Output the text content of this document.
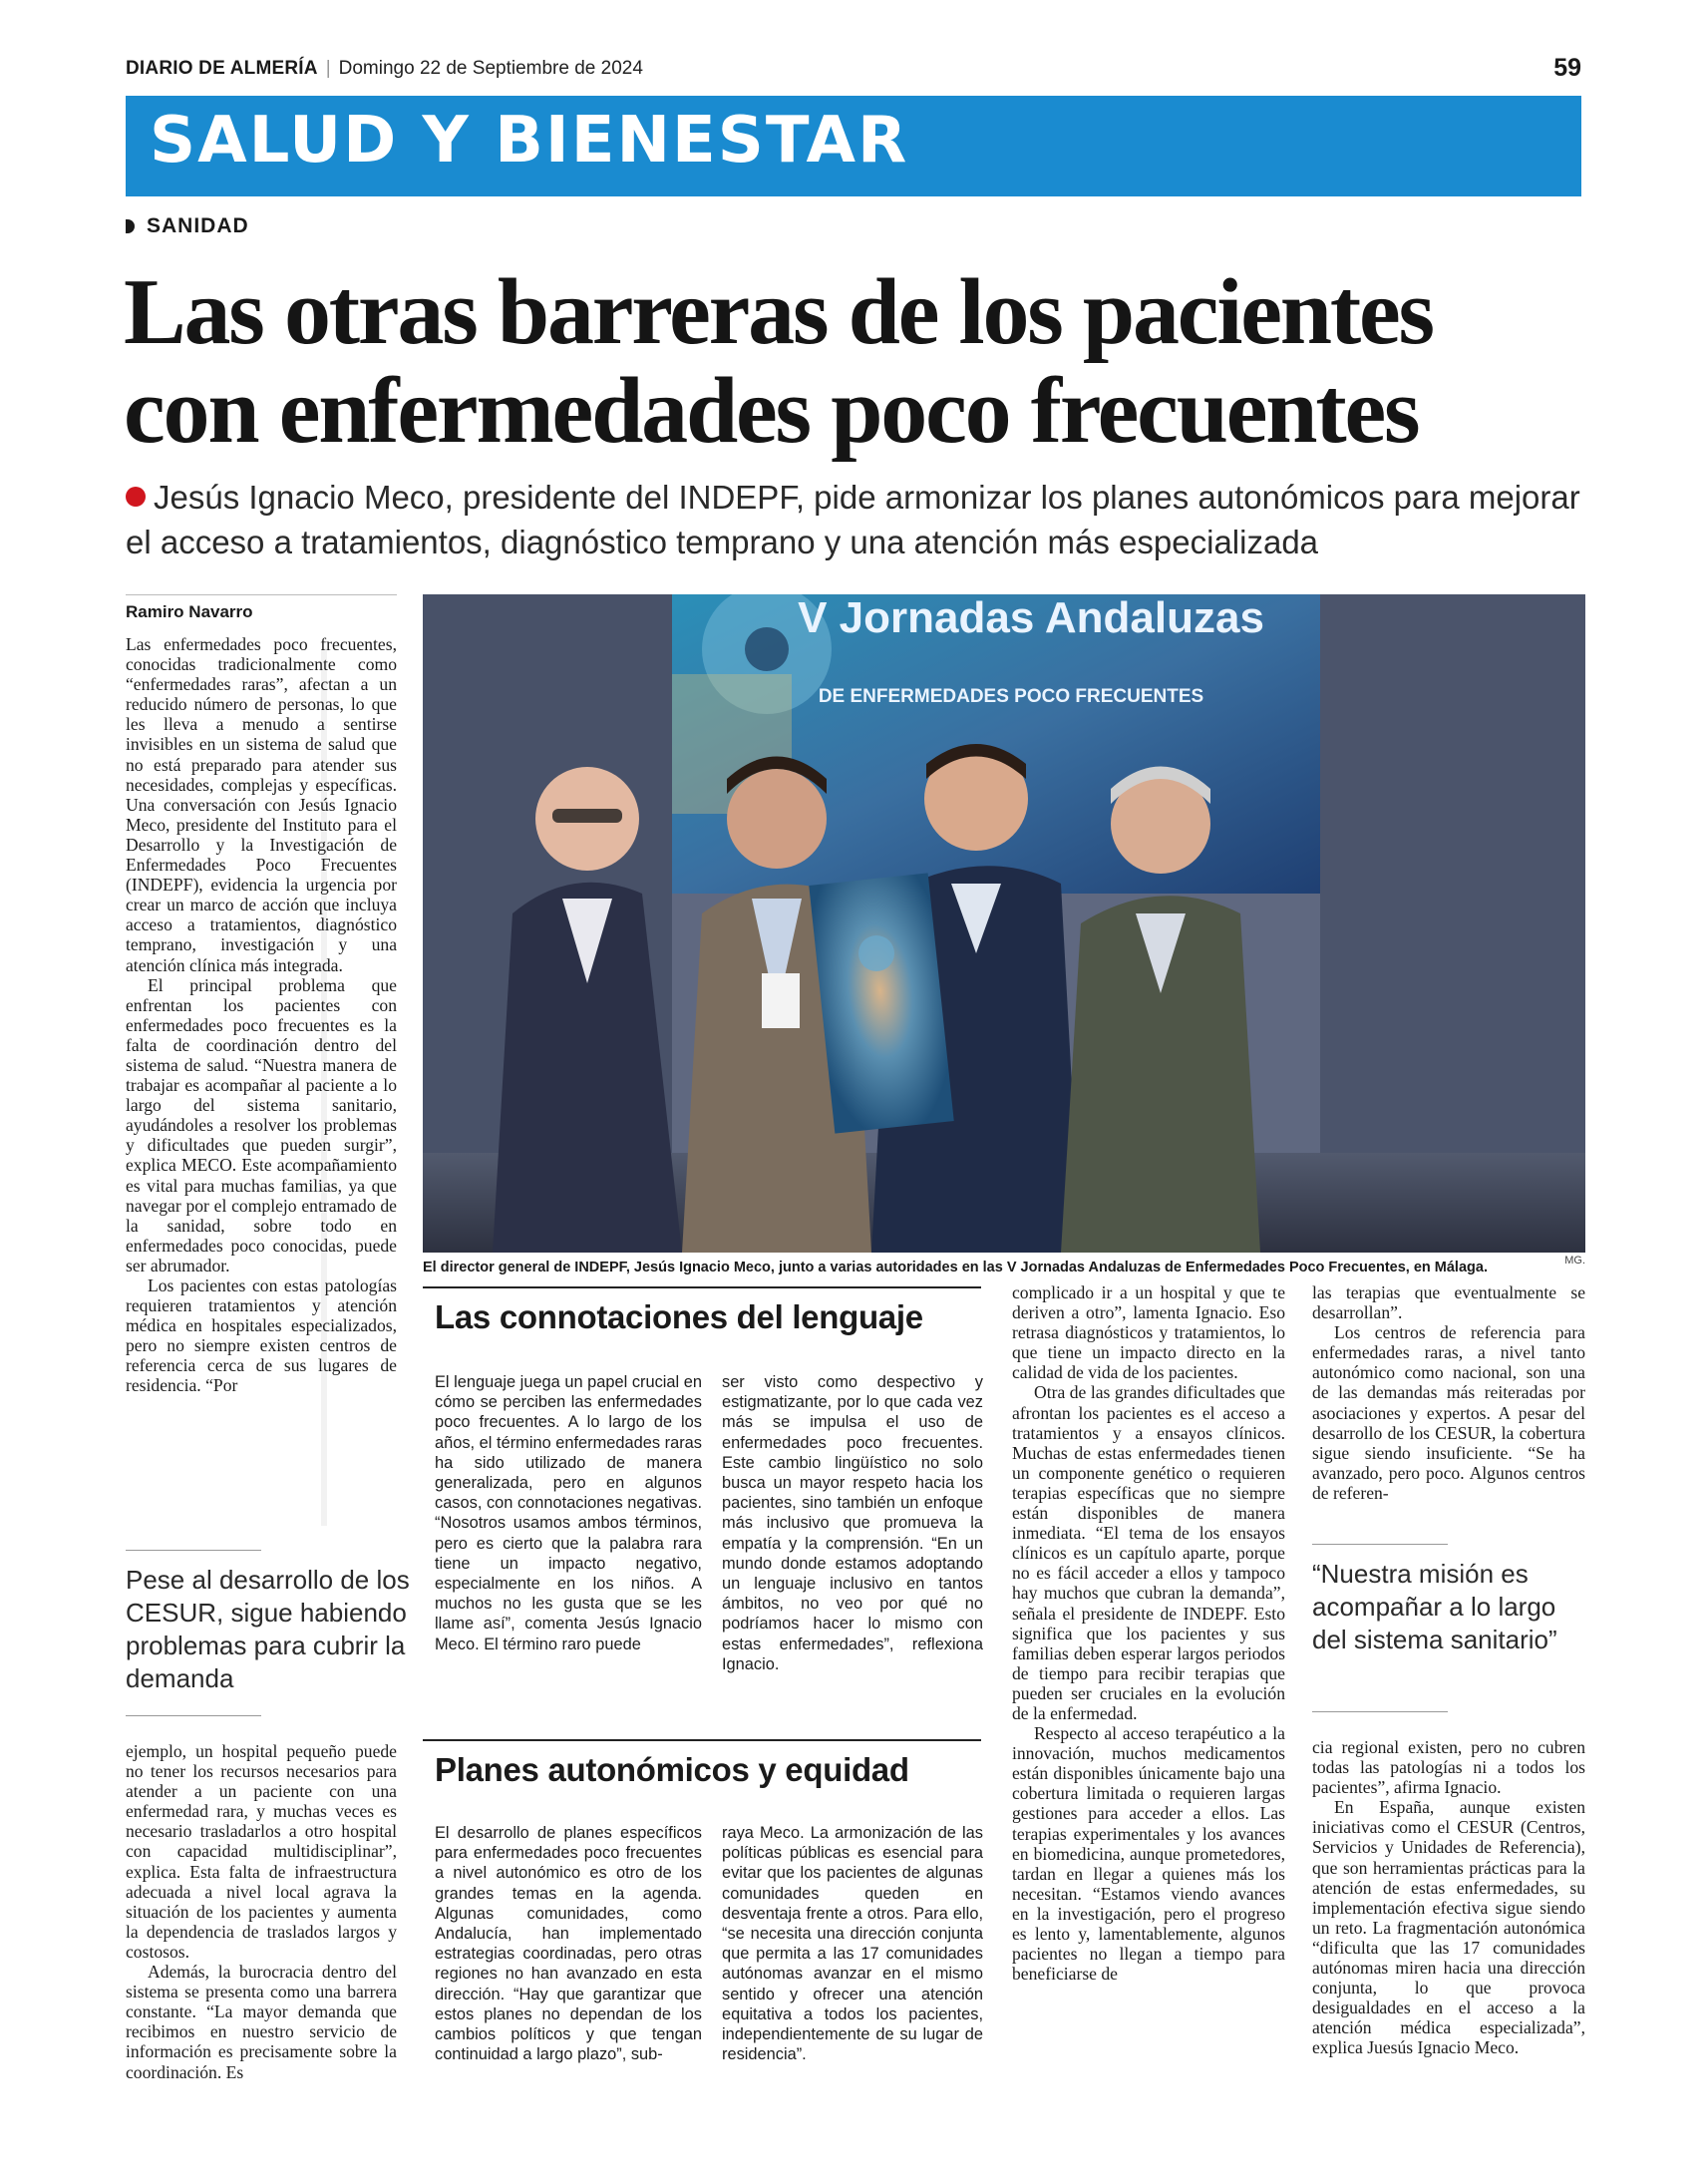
DIARIO DE ALMERÍA | Domingo 22 de Septiembre de 2024	59
SALUD Y BIENESTAR
SANIDAD
Las otras barreras de los pacientes
con enfermedades poco frecuentes
Jesús Ignacio Meco, presidente del INDEPF, pide armonizar los planes autonómicos para mejorar el acceso a tratamientos, diagnóstico temprano y una atención más especializada
Ramiro Navarro

Las enfermedades poco frecuentes, conocidas tradicionalmente como “enfermedades raras”, afectan a un reducido número de personas, lo que les lleva a menudo a sentirse invisibles en un sistema de salud que no está preparado para atender sus necesidades, complejas y específicas. Una conversación con Jesús Ignacio Meco, presidente del Instituto para el Desarrollo y la Investigación de Enfermedades Poco Frecuentes (INDEPF), evidencia la urgencia por crear un marco de acción que incluya acceso a tratamientos, diagnóstico temprano, investigación y una atención clínica más integrada.

El principal problema que enfrentan los pacientes con enfermedades poco frecuentes es la falta de coordinación dentro del sistema de salud. “Nuestra manera de trabajar es acompañar al paciente a lo largo del sistema sanitario, ayudándoles a resolver los problemas y dificultades que pueden surgir”, explica MECO. Este acompañamiento es vital para muchas familias, ya que navegar por el complejo entramado de la sanidad, sobre todo en enfermedades poco conocidas, puede ser abrumador.

Los pacientes con estas patologías requieren tratamientos y atención médica en hospitales especializados, pero no siempre existen centros de referencia cerca de sus lugares de residencia. “Por

Pese al desarrollo de los CESUR, sigue habiendo problemas para cubrir la demanda

ejemplo, un hospital pequeño puede no tener los recursos necesarios para atender a un paciente con una enfermedad rara, y muchas veces es necesario trasladarlos a otro hospital con capacidad multidisciplinar”, explica. Esta falta de infraestructura adecuada a nivel local agrava la situación de los pacientes y aumenta la dependencia de traslados largos y costosos.

Además, la burocracia dentro del sistema se presenta como una barrera constante. “La mayor demanda que recibimos en nuestro servicio de información es precisamente sobre la coordinación. Es

V Jornadas Andaluzas
DE ENFERMEDADES POCO FRECUENTES
El director general de INDEPF, Jesús Ignacio Meco, junto a varias autoridades en las V Jornadas Andaluzas de Enfermedades Poco Frecuentes, en Málaga.	MG.
Las connotaciones del lenguaje

El lenguaje juega un papel crucial en cómo se perciben las enfermedades poco frecuentes. A lo largo de los años, el término enfermedades raras ha sido utilizado de manera generalizada, pero en algunos casos, con connotaciones negativas. “Nosotros usamos ambos términos, pero es cierto que la palabra rara tiene un impacto negativo, especialmente en los niños. A muchos no les gusta que se les llame así”, comenta Jesús Ignacio Meco. El término raro puede

ser visto como despectivo y estigmatizante, por lo que cada vez más se impulsa el uso de enfermedades poco frecuentes. Este cambio lingüístico no solo busca un mayor respeto hacia los pacientes, sino también un enfoque más inclusivo que promueva la empatía y la comprensión. “En un mundo donde estamos adoptando un lenguaje inclusivo en tantos ámbitos, no veo por qué no podríamos hacer lo mismo con estas enfermedades”, reflexiona Ignacio.

Planes autonómicos y equidad

El desarrollo de planes específicos para enfermedades poco frecuentes a nivel autonómico es otro de los grandes temas en la agenda. Algunas comunidades, como Andalucía, han implementado estrategias coordinadas, pero otras regiones no han avanzado en esta dirección. “Hay que garantizar que estos planes no dependan de los cambios políticos y que tengan continuidad a largo plazo”, sub-

raya Meco. La armonización de las políticas públicas es esencial para evitar que los pacientes de algunas comunidades queden en desventaja frente a otros. Para ello, “se necesita una dirección conjunta que permita a las 17 comunidades autónomas avanzar en el mismo sentido y ofrecer una atención equitativa a todos los pacientes, independientemente de su lugar de residencia”.

complicado ir a un hospital y que te deriven a otro”, lamenta Ignacio. Eso retrasa diagnósticos y tratamientos, lo que tiene un impacto directo en la calidad de vida de los pacientes.

Otra de las grandes dificultades que afrontan los pacientes es el acceso a tratamientos y a ensayos clínicos. Muchas de estas enfermedades tienen un componente genético o requieren terapias específicas que no siempre están disponibles de manera inmediata. “El tema de los ensayos clínicos es un capítulo aparte, porque no es fácil acceder a ellos y tampoco hay muchos que cubran la demanda”, señala el presidente de INDEPF. Esto significa que los pacientes y sus familias deben esperar largos periodos de tiempo para recibir terapias que pueden ser cruciales en la evolución de la enfermedad.

Respecto al acceso terapéutico a la innovación, muchos medicamentos están disponibles únicamente bajo una cobertura limitada o requieren largas gestiones para acceder a ellos. Las terapias experimentales y los avances en biomedicina, aunque prometedores, tardan en llegar a quienes más los necesitan. “Estamos viendo avances en la investigación, pero el progreso es lento y, lamentablemente, algunos pacientes no llegan a tiempo para beneficiarse de

las terapias que eventualmente se desarrollan”.

Los centros de referencia para enfermedades raras, a nivel tanto autonómico como nacional, son una de las demandas más reiteradas por asociaciones y expertos. A pesar del desarrollo de los CESUR, la cobertura sigue siendo insuficiente. “Se ha avanzado, pero poco. Algunos centros de referen-

“Nuestra misión es acompañar a lo largo del sistema sanitario”

cia regional existen, pero no cubren todas las patologías ni a todos los pacientes”, afirma Ignacio.

En España, aunque existen iniciativas como el CESUR (Centros, Servicios y Unidades de Referencia), que son herramientas prácticas para la atención de estas enfermedades, su implementación efectiva sigue siendo un reto. La fragmentación autonómica “dificulta que las 17 comunidades autónomas miren hacia una dirección conjunta, lo que provoca desigualdades en el acceso a la atención médica especializada”, explica Juesús Ignacio Meco.
